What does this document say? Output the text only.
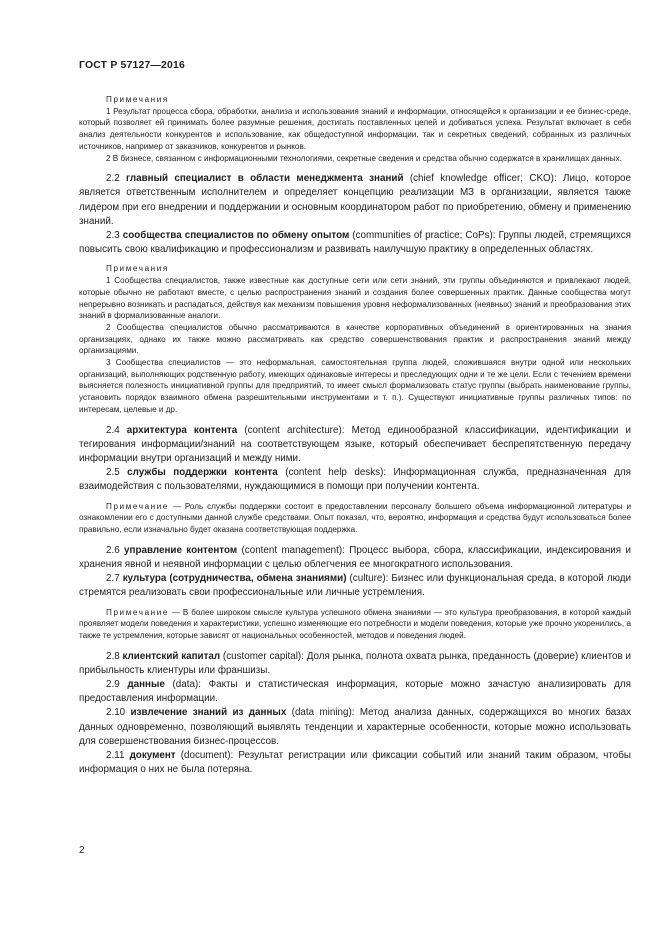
ГОСТ Р 57127—2016

Примечания

1 Результат процесса сбора, обработки, анализа и использования знаний и информации, относящейся к организации и ее бизнес-среде, который позволяет ей принимать более разумные решения, достигать поставленных целей и добиваться успеха. Результат включает в себя анализ деятельности конкурентов и использование, как общедоступной информации, так и секретных сведений, собранных из различных источников, например от заказчиков, конкурентов и рынков.

2 В бизнесе, связанном с информационными технологиями, секретные сведения и средства обычно содержатся в хранилищах данных.

2.2 главный специалист в области менеджмента знаний (chief knowledge officer; CKO): Лицо, которое является ответственным исполнителем и определяет концепцию реализации МЗ в организации, является также лидером при его внедрении и поддержании и основным координатором работ по приобретению, обмену и применению знаний.

2.3 сообщества специалистов по обмену опытом (communities of practice; CoPs): Группы людей, стремящихся повысить свою квалификацию и профессионализм и развивать наилучшую практику в определенных областях.

Примечания

1 Сообщества специалистов, также известные как доступные сети или сети знаний, эти группы объединяются и привлекают людей, которые обычно не работают вместе, с целью распространения знаний и создания более совершенных практик. Данные сообщества могут непрерывно возникать и распадаться, действуя как механизм повышения уровня неформализованных (неявных) знаний и преобразования этих знаний в формализованные аналоги.

2 Сообщества специалистов обычно рассматриваются в качестве корпоративных объединений в ориентированных на знания организациях, однако их также можно рассматривать как средство совершенствования практик и распространения знаний между организациями.

3 Сообщества специалистов — это неформальная, самостоятельная группа людей, сложившаяся внутри одной или нескольких организаций, выполняющих родственную работу, имеющих одинаковые интересы и преследующих одни и те же цели. Если с течением времени выясняется полезность инициативной группы для предприятий, то имеет смысл формализовать статус группы (выбрать наименование группы, установить порядок взаимного обмена разрешительными инструментами и т. п.). Существуют инициативные группы различных типов: по интересам, целевые и др.

2.4 архитектура контента (content architecture): Метод единообразной классификации, идентификации и тегирования информации/знаний на соответствующем языке, который обеспечивает беспрепятственную передачу информации внутри организаций и между ними.

2.5 службы поддержки контента (content help desks): Информационная служба, предназначенная для взаимодействия с пользователями, нуждающимися в помощи при получении контента.

Примечание — Роль службы поддержки состоит в предоставлении персоналу большего объема информационной литературы и ознакомлении его с доступными данной службе средствами. Опыт показал, что, вероятно, информация и средства будут использоваться более правильно, если изначально будет оказана соответствующая поддержка.

2.6 управление контентом (content management): Процесс выбора, сбора, классификации, индексирования и хранения явной и неявной информации с целью облегчения ее многократного использования.

2.7 культура (сотрудничества, обмена знаниями) (culture): Бизнес или функциональная среда, в которой люди стремятся реализовать свои профессиональные или личные устремления.

Примечание — В более широком смысле культура успешного обмена знаниями — это культура преобразования, в которой каждый проявляет модели поведения и характеристики, успешно изменяющие его потребности и модели поведения, которые уже прочно укоренились, а также те устремления, которые зависят от национальных особенностей, методов и поведения людей.

2.8 клиентский капитал (customer capital): Доля рынка, полнота охвата рынка, преданность (доверие) клиентов и прибыльность клиентуры или франшизы.

2.9 данные (data): Факты и статистическая информация, которые можно зачастую анализировать для предоставления информации.

2.10 извлечение знаний из данных (data mining): Метод анализа данных, содержащихся во многих базах данных одновременно, позволяющий выявлять тенденции и характерные особенности, которые можно использовать для совершенствования бизнес-процессов.

2.11 документ (document): Результат регистрации или фиксации событий или знаний таким образом, чтобы информация о них не была потеряна.

2
